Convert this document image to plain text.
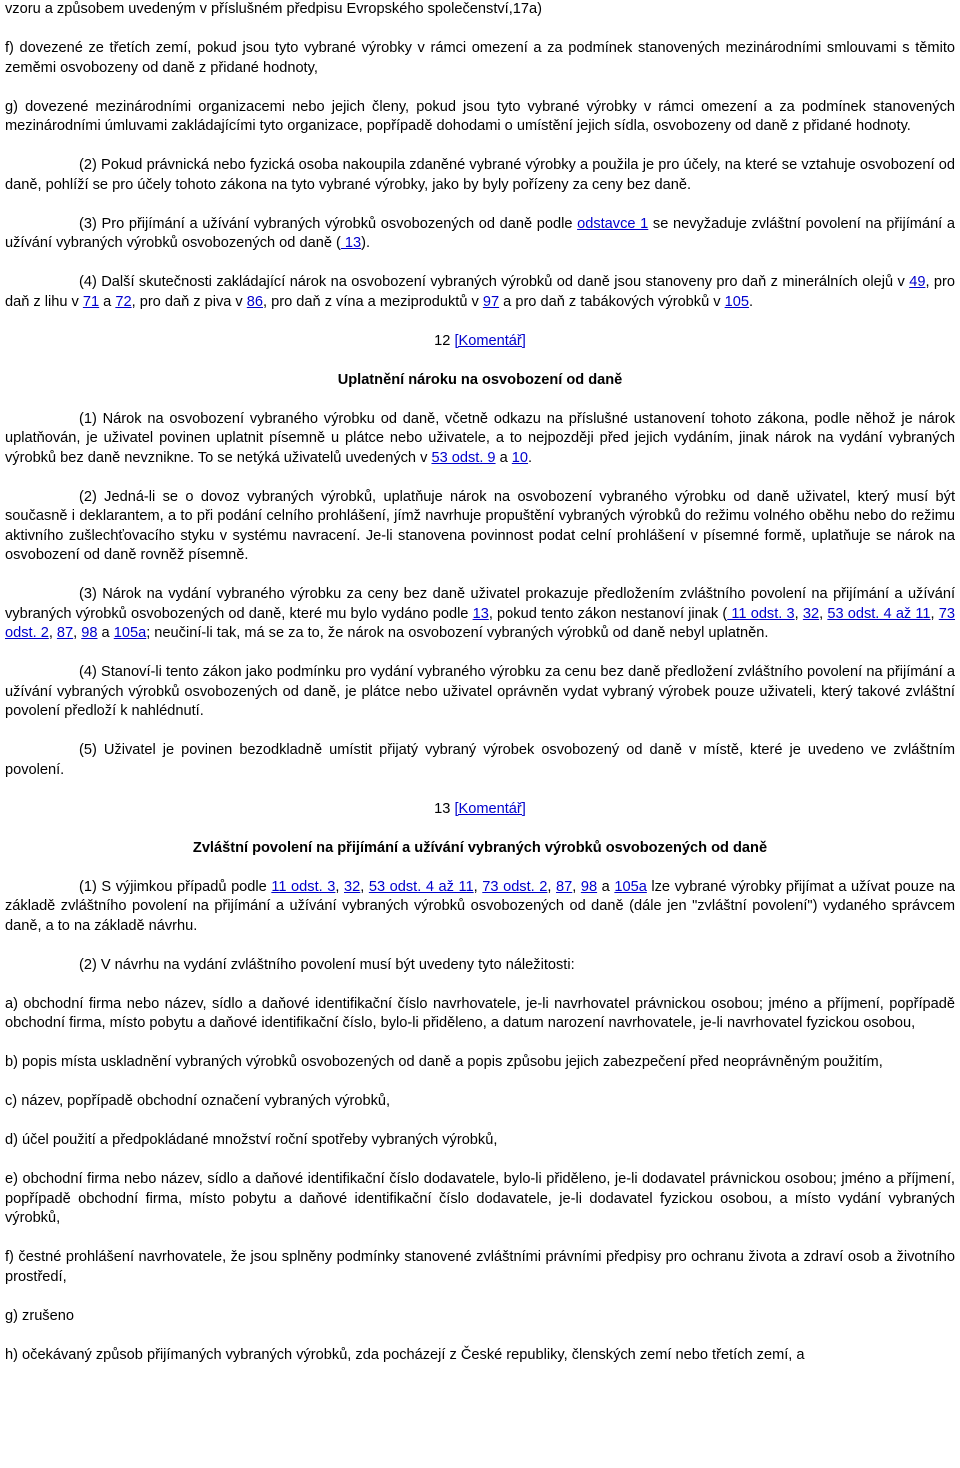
vzoru a způsobem uvedeným v příslušném předpisu Evropského společenství,17a)

f) dovezené ze třetích zemí, pokud jsou tyto vybrané výrobky v rámci omezení a za podmínek stanovených mezinárodními smlouvami s těmito zeměmi osvobozeny od daně z přidané hodnoty,

g) dovezené mezinárodními organizacemi nebo jejich členy, pokud jsou tyto vybrané výrobky v rámci omezení a za podmínek stanovených mezinárodními úmluvami zakládajícími tyto organizace, popřípadě dohodami o umístění jejich sídla, osvobozeny od daně z přidané hodnoty.

(2) Pokud právnická nebo fyzická osoba nakoupila zdaněné vybrané výrobky a použila je pro účely, na které se vztahuje osvobození od daně, pohlíží se pro účely tohoto zákona na tyto vybrané výrobky, jako by byly pořízeny za ceny bez daně.

(3) Pro přijímání a užívání vybraných výrobků osvobozených od daně podle odstavce 1 se nevyžaduje zvláštní povolení na přijímání a užívání vybraných výrobků osvobozených od daně ( 13).

(4) Další skutečnosti zakládající nárok na osvobození vybraných výrobků od daně jsou stanoveny pro daň z minerálních olejů v 49, pro daň z lihu v 71 a 72, pro daň z piva v 86, pro daň z vína a meziproduktů v 97 a pro daň z tabákových výrobků v 105.

12 [Komentář]

Uplatnění nároku na osvobození od daně

(1) Nárok na osvobození vybraného výrobku od daně, včetně odkazu na příslušné ustanovení tohoto zákona, podle něhož je nárok uplatňován, je uživatel povinen uplatnit písemně u plátce nebo uživatele, a to nejpozději před jejich vydáním, jinak nárok na vydání vybraných výrobků bez daně nevznikne. To se netýká uživatelů uvedených v 53 odst. 9 a 10.

(2) Jedná-li se o dovoz vybraných výrobků, uplatňuje nárok na osvobození vybraného výrobku od daně uživatel, který musí být současně i deklarantem, a to při podání celního prohlášení, jímž navrhuje propuštění vybraných výrobků do režimu volného oběhu nebo do režimu aktivního zušlechťovacího styku v systému navracení. Je-li stanovena povinnost podat celní prohlášení v písemné formě, uplatňuje se nárok na osvobození od daně rovněž písemně.

(3) Nárok na vydání vybraného výrobku za ceny bez daně uživatel prokazuje předložením zvláštního povolení na přijímání a užívání vybraných výrobků osvobozených od daně, které mu bylo vydáno podle 13, pokud tento zákon nestanoví jinak ( 11 odst. 3, 32, 53 odst. 4 až 11, 73 odst. 2, 87, 98 a 105a; neučiní-li tak, má se za to, že nárok na osvobození vybraných výrobků od daně nebyl uplatněn.

(4) Stanoví-li tento zákon jako podmínku pro vydání vybraného výrobku za cenu bez daně předložení zvláštního povolení na přijímání a užívání vybraných výrobků osvobozených od daně, je plátce nebo uživatel oprávněn vydat vybraný výrobek pouze uživateli, který takové zvláštní povolení předloží k nahlédnutí.

(5) Uživatel je povinen bezodkladně umístit přijatý vybraný výrobek osvobozený od daně v místě, které je uvedeno ve zvláštním povolení.

13 [Komentář]

Zvláštní povolení na přijímání a užívání vybraných výrobků osvobozených od daně

(1) S výjimkou případů podle 11 odst. 3, 32, 53 odst. 4 až 11, 73 odst. 2, 87, 98 a 105a lze vybrané výrobky přijímat a užívat pouze na základě zvláštního povolení na přijímání a užívání vybraných výrobků osvobozených od daně (dále jen "zvláštní povolení") vydaného správcem daně, a to na základě návrhu.

(2) V návrhu na vydání zvláštního povolení musí být uvedeny tyto náležitosti:

a) obchodní firma nebo název, sídlo a daňové identifikační číslo navrhovatele, je-li navrhovatel právnickou osobou; jméno a příjmení, popřípadě obchodní firma, místo pobytu a daňové identifikační číslo, bylo-li přiděleno, a datum narození navrhovatele, je-li navrhovatel fyzickou osobou,

b) popis místa uskladnění vybraných výrobků osvobozených od daně a popis způsobu jejich zabezpečení před neoprávněným použitím,

c) název, popřípadě obchodní označení vybraných výrobků,

d) účel použití a předpokládané množství roční spotřeby vybraných výrobků,

e) obchodní firma nebo název, sídlo a daňové identifikační číslo dodavatele, bylo-li přiděleno, je-li dodavatel právnickou osobou; jméno a příjmení, popřípadě obchodní firma, místo pobytu a daňové identifikační číslo dodavatele, je-li dodavatel fyzickou osobou, a místo vydání vybraných výrobků,

f) čestné prohlášení navrhovatele, že jsou splněny podmínky stanovené zvláštními právními předpisy pro ochranu života a zdraví osob a životního prostředí,

g) zrušeno

h) očekávaný způsob přijímaných vybraných výrobků, zda pocházejí z České republiky, členských zemí nebo třetích zemí, a
